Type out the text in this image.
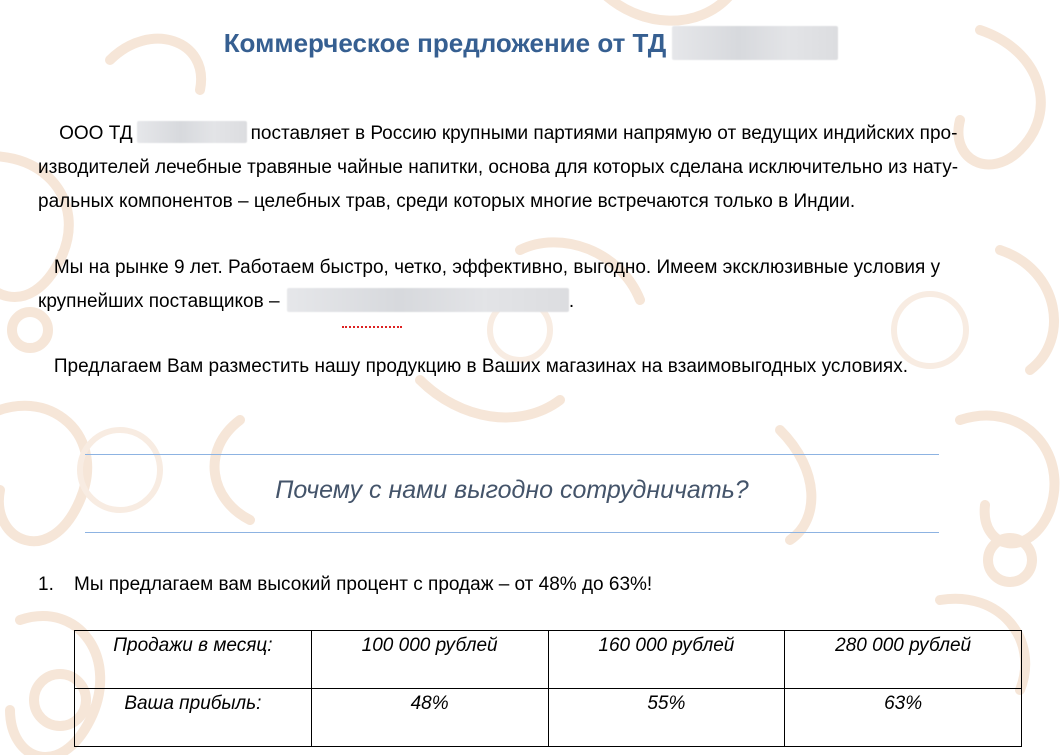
Коммерческое предложение от ТД
ООО ТД	поставляет в Россию крупными партиями напрямую от ведущих индийских про-
изводителей лечебные травяные чайные напитки, основа для которых сделана исключительно из нату-
ральных компонентов – целебных трав, среди которых многие встречаются только в Индии.
Мы на рынке 9 лет. Работаем быстро, четко, эффективно, выгодно. Имеем эксклюзивные условия у
крупнейших поставщиков –	.
Предлагаем Вам разместить нашу продукцию в Ваших магазинах на взаимовыгодных условиях.
Почему с нами выгодно сотрудничать?
1. Мы предлагаем вам высокий процент с продаж – от 48% до 63%!
Продажи в месяц:	100 000 рублей	160 000 рублей	280 000 рублей
Ваша прибыль:	48%	55%	63%
